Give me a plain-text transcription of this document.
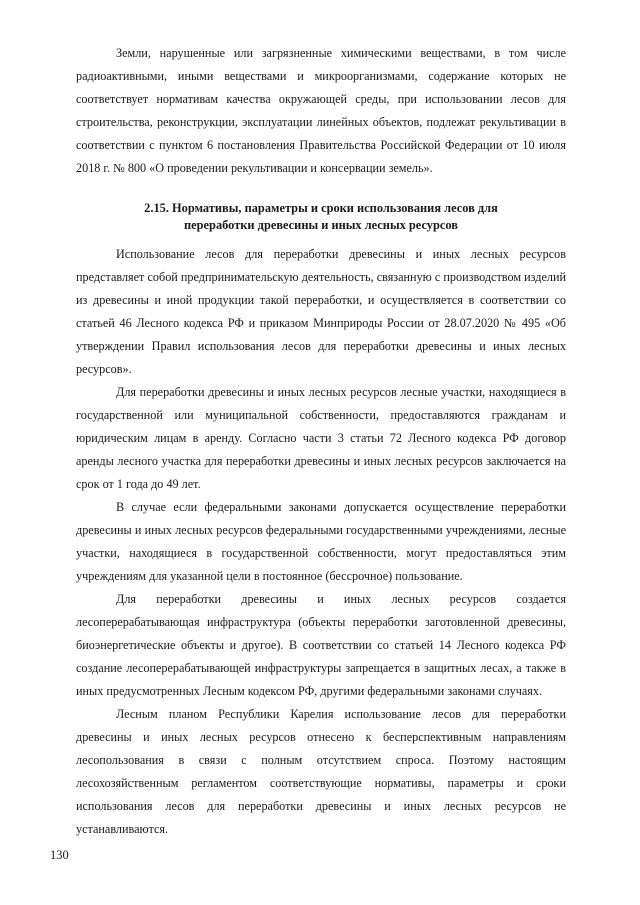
Земли, нарушенные или загрязненные химическими веществами, в том числе радиоактивными, иными веществами и микроорганизмами, содержание которых не соответствует нормативам качества окружающей среды, при использовании лесов для строительства, реконструкции, эксплуатации линейных объектов, подлежат рекультивации в соответствии с пунктом 6 постановления Правительства Российской Федерации от 10 июля 2018 г. № 800 «О проведении рекультивации и консервации земель».

2.15. Нормативы, параметры и сроки использования лесов для
переработки древесины и иных лесных ресурсов

Использование лесов для переработки древесины и иных лесных ресурсов представляет собой предпринимательскую деятельность, связанную с производством изделий из древесины и иной продукции такой переработки, и осуществляется в соответствии со статьей 46 Лесного кодекса РФ и приказом Минприроды России от 28.07.2020 № 495 «Об утверждении Правил использования лесов для переработки древесины и иных лесных ресурсов».

Для переработки древесины и иных лесных ресурсов лесные участки, находящиеся в государственной или муниципальной собственности, предоставляются гражданам и юридическим лицам в аренду. Согласно части 3 статьи 72 Лесного кодекса РФ договор аренды лесного участка для переработки древесины и иных лесных ресурсов заключается на срок от 1 года до 49 лет.

В случае если федеральными законами допускается осуществление переработки древесины и иных лесных ресурсов федеральными государственными учреждениями, лесные участки, находящиеся в государственной собственности, могут предоставляться этим учреждениям для указанной цели в постоянное (бессрочное) пользование.

Для переработки древесины и иных лесных ресурсов создается лесоперерабатывающая инфраструктура (объекты переработки заготовленной древесины, биоэнергетические объекты и другое). В соответствии со статьей 14 Лесного кодекса РФ создание лесоперерабатывающей инфраструктуры запрещается в защитных лесах, а также в иных предусмотренных Лесным кодексом РФ, другими федеральными законами случаях.

Лесным планом Республики Карелия использование лесов для переработки древесины и иных лесных ресурсов отнесено к бесперспективным направлениям лесопользования в связи с полным отсутствием спроса. Поэтому настоящим лесохозяйственным регламентом соответствующие нормативы, параметры и сроки использования лесов для переработки древесины и иных лесных ресурсов не устанавливаются.

130
